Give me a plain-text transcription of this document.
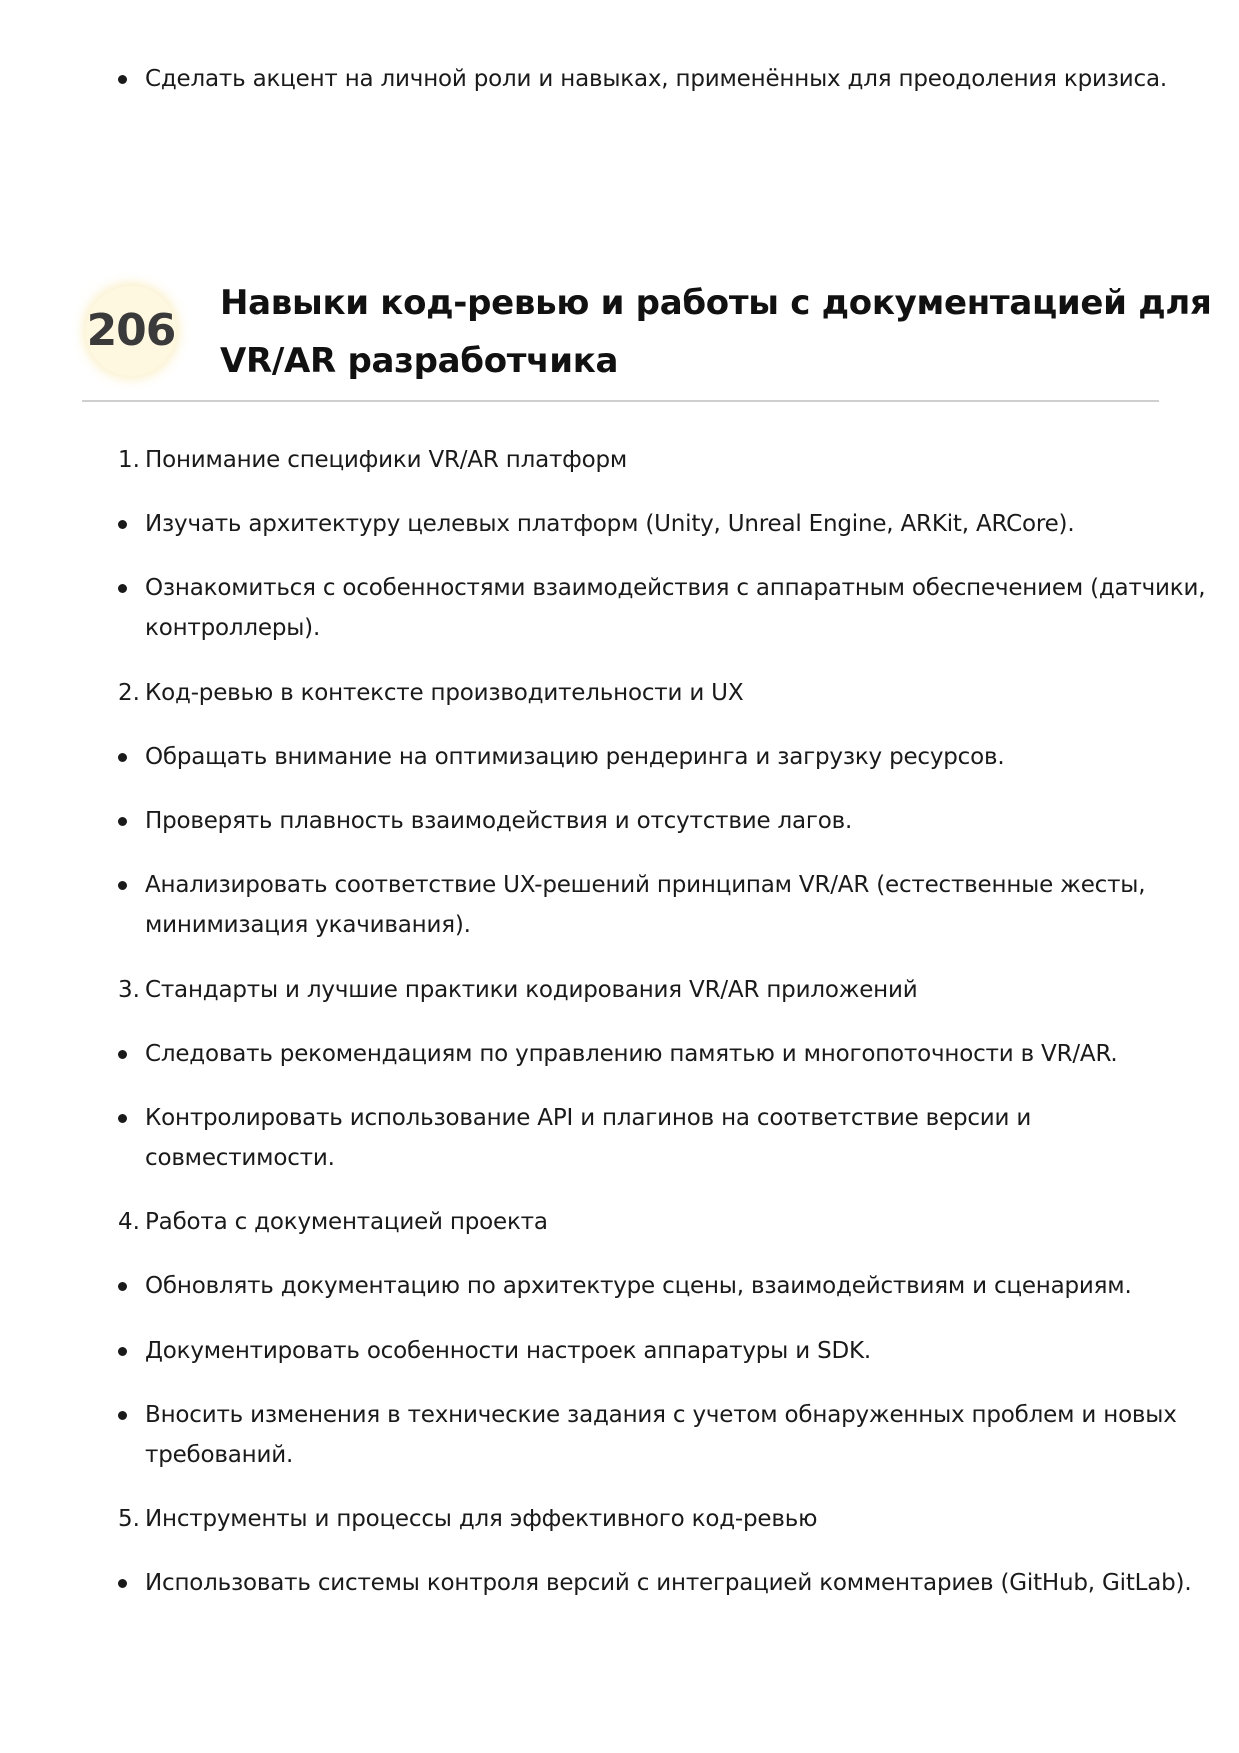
Сделать акцент на личной роли и навыках, применённых для преодоления кризиса.
206
Навыки код-ревью и работы с документацией для
VR/AR разработчика
1. Понимание специфики VR/AR платформ
Изучать архитектуру целевых платформ (Unity, Unreal Engine, ARKit, ARCore).
Ознакомиться с особенностями взаимодействия с аппаратным обеспечением (датчики,
контроллеры).
2. Код-ревью в контексте производительности и UX
Обращать внимание на оптимизацию рендеринга и загрузку ресурсов.
Проверять плавность взаимодействия и отсутствие лагов.
Анализировать соответствие UX-решений принципам VR/AR (естественные жесты,
минимизация укачивания).
3. Стандарты и лучшие практики кодирования VR/AR приложений
Следовать рекомендациям по управлению памятью и многопоточности в VR/AR.
Контролировать использование API и плагинов на соответствие версии и
совместимости.
4. Работа с документацией проекта
Обновлять документацию по архитектуре сцены, взаимодействиям и сценариям.
Документировать особенности настроек аппаратуры и SDK.
Вносить изменения в технические задания с учетом обнаруженных проблем и новых
требований.
5. Инструменты и процессы для эффективного код-ревью
Использовать системы контроля версий с интеграцией комментариев (GitHub, GitLab).
